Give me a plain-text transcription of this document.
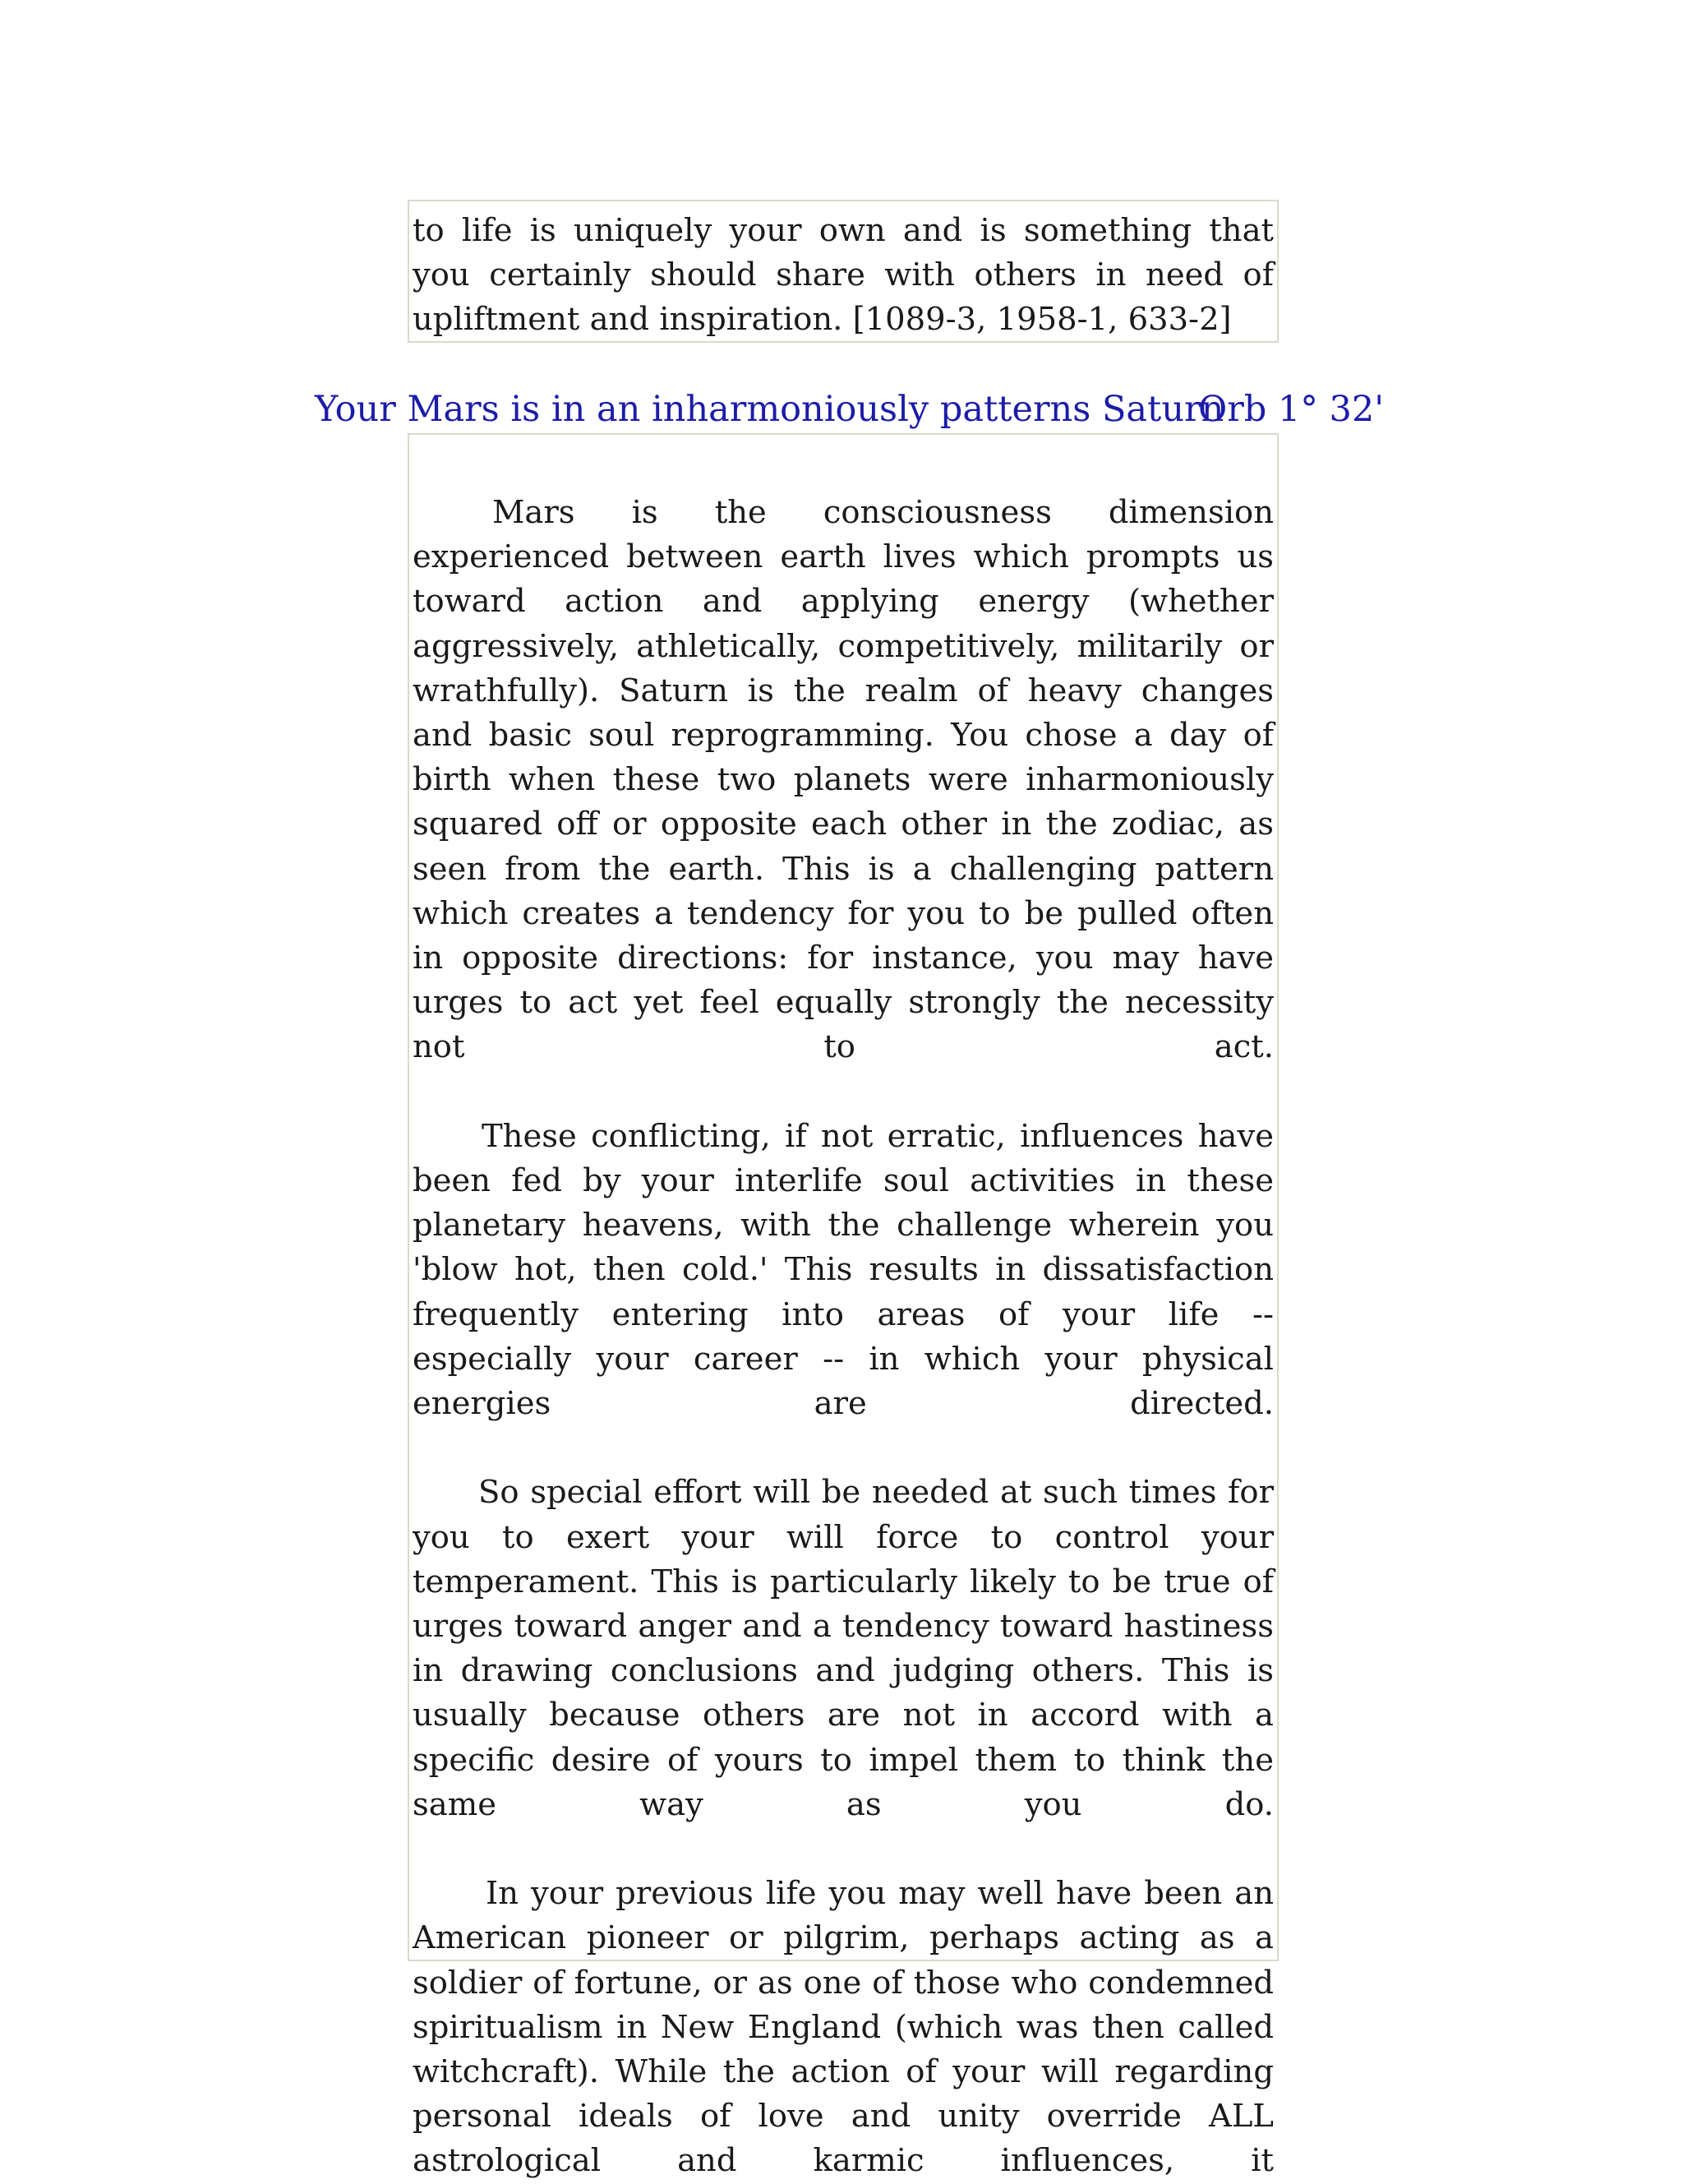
to life is uniquely your own and is something that you certainly should share with others in need of upliftment and inspiration. [1089-3, 1958-1, 633-2]

Your Mars is in an inharmoniously patterns Saturn
Orb 1° 32'

Mars is the consciousness dimension experienced between earth lives which prompts us toward action and applying energy (whether aggressively, athletically, competitively, militarily or wrathfully). Saturn is the realm of heavy changes and basic soul reprogramming. You chose a day of birth when these two planets were inharmoniously squared off or opposite each other in the zodiac, as seen from the earth. This is a challenging pattern which creates a tendency for you to be pulled often in opposite directions: for instance, you may have urges to act yet feel equally strongly the necessity not to act.

These conflicting, if not erratic, influences have been fed by your interlife soul activities in these planetary heavens, with the challenge wherein you 'blow hot, then cold.' This results in dissatisfaction frequently entering into areas of your life -- especially your career -- in which your physical energies are directed.

So special effort will be needed at such times for you to exert your will force to control your temperament. This is particularly likely to be true of urges toward anger and a tendency toward hastiness in drawing conclusions and judging others. This is usually because others are not in accord with a specific desire of yours to impel them to think the same way as you do.

In your previous life you may well have been an American pioneer or pilgrim, perhaps acting as a soldier of fortune, or as one of those who condemned spiritualism in New England (which was then called witchcraft). While the action of your will regarding personal ideals of love and unity override ALL astrological and karmic influences, it
